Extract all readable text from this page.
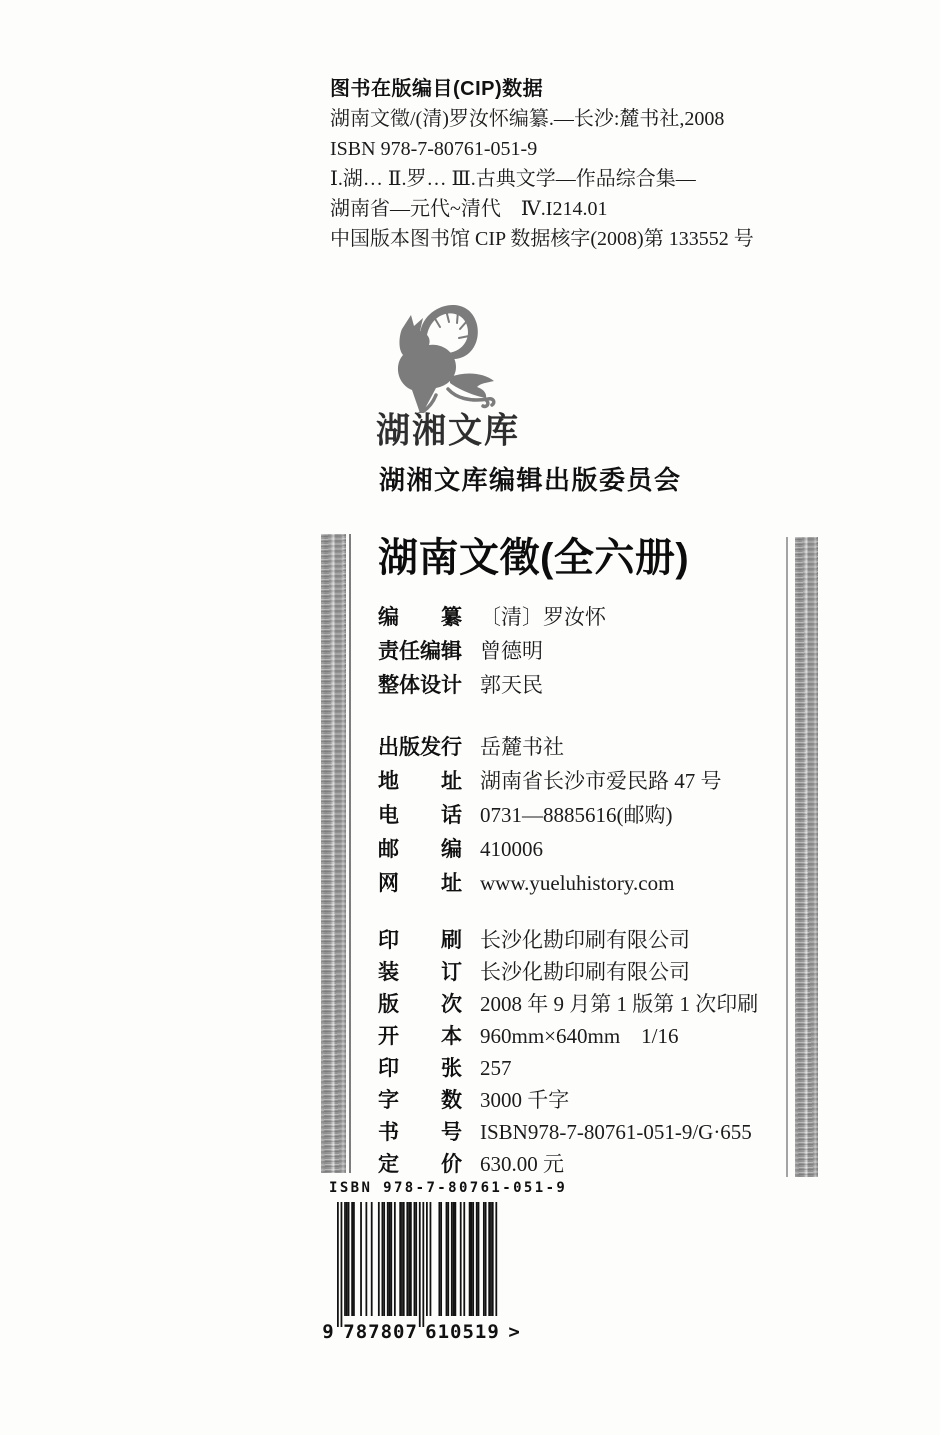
图书在版编目(CIP)数据
湖南文徵/(清)罗汝怀编纂.—长沙:麓书社,2008
ISBN 978-7-80761-051-9
Ⅰ.湖… Ⅱ.罗… Ⅲ.古典文学—作品综合集—
湖南省—元代~清代　Ⅳ.I214.01
中国版本图书馆 CIP 数据核字(2008)第 133552 号
湖湘文库
湖湘文库编辑出版委员会
湖南文徵(全六册)
编　　纂 〔清〕罗汝怀
责任编辑 曾德明
整体设计 郭天民
出版发行 岳麓书社
地　　址 湖南省长沙市爱民路 47 号
电　　话 0731—8885616(邮购)
邮　　编 410006
网　　址 www.yueluhistory.com
印　　刷 长沙化勘印刷有限公司
装　　订 长沙化勘印刷有限公司
版　　次 2008 年 9 月第 1 版第 1 次印刷
开　　本 960mm×640mm　1/16
印　　张 257
字　　数 3000 千字
书　　号 ISBN978-7-80761-051-9/G·655
定　　价 630.00 元
ISBN 978-7-80761-051-9
9 787807 610519 >
